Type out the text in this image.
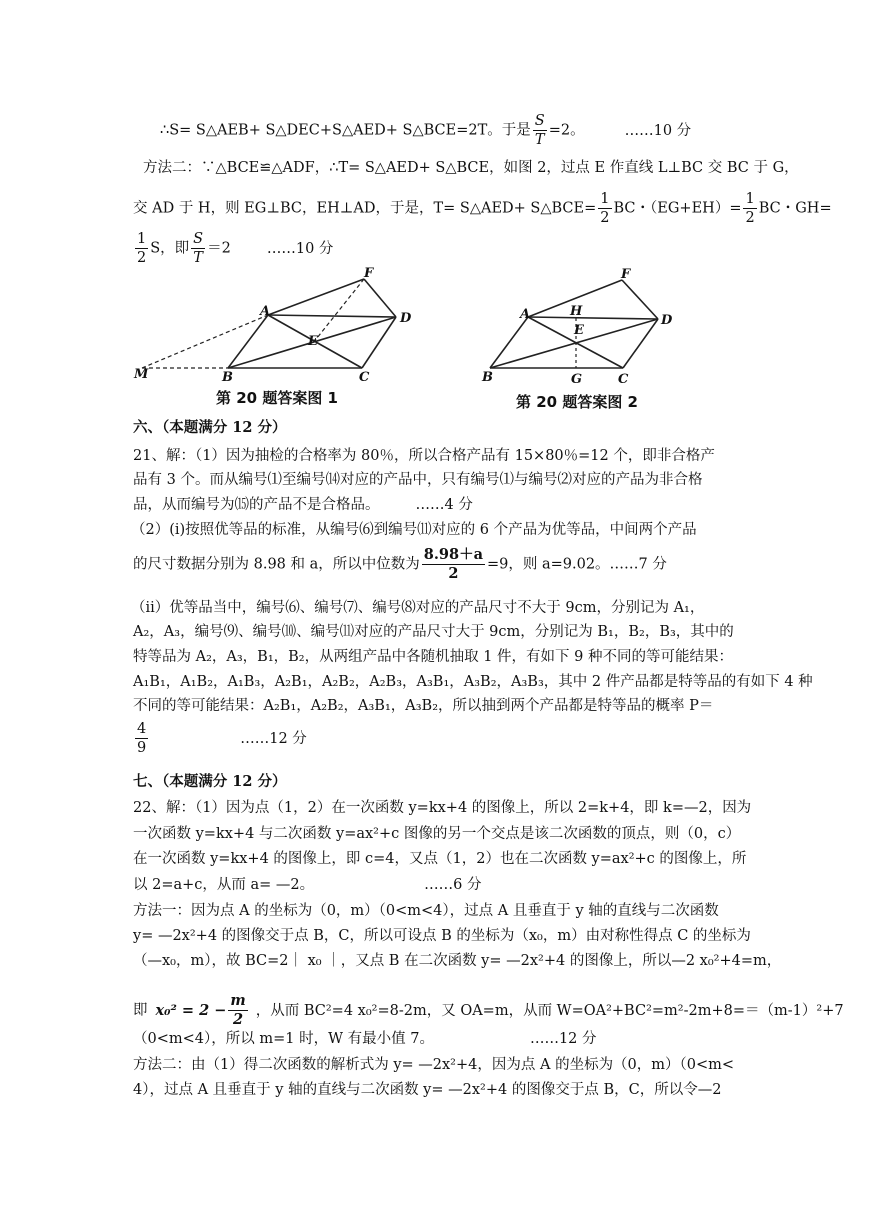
∴S= S△AEB+ S△DEC+S△AED+ S△BCE=2T。于是 $\frac{S}{T} =2$。	……10 分
方法二：∵△BCE≌△ADF，∴T= S△AED+ S△BCE，如图 2，过点 E 作直线 L⊥BC 交 BC 于 G，
交 AD 于 H，则 EG⊥BC，EH⊥AD，于是，T= S△AED+ S△BCE= $\frac{1}{2}$ BC・$(EG+EH)= \frac{1}{2}$ BC・GH=
$\frac{1}{2}$ S，即 $\frac{S}{T} =2$ ……10 分
F
A	D
E
M	B	C
第 20 题答案图 1
F
A	H
E
D
B	G	C
第 20 题答案图 2
六、（本题满分 12 分）
21、解：（1）因为抽检的合格率为 80％，所以合格产品有 15×80％=12 个，即非合格产
品有 3 个。而从编号⑴至编号⒁对应的产品中，只有编号⑴与编号⑵对应的产品为非合格
品，从而编号为⒂的产品不是合格品。 ……4 分
（2）(ⅰ)按照优等品的标准，从编号⑹到编号⑾对应的 6 个产品为优等品，中间两个产品
的尺寸数据分别为 8.98 和 a，所以中位数为 $\frac{8.98+a}{2} =9$，则 a=9.02。……7 分
（ⅱ）优等品当中，编号⑹、编号⑺、编号⑻对应的产品尺寸不大于 9cm，分别记为 A₁，
A₂，A₃，编号⑼、编号⑽、编号⑾对应的产品尺寸大于 9cm，分别记为 B₁，B₂，B₃，其中的
特等品为 A₂，A₃，B₁，B₂，从两组产品中各随机抽取 1 件，有如下 9 种不同的等可能结果：
A₁B₁，A₁B₂，A₁B₃，A₂B₁，A₂B₂，A₂B₃，A₃B₁，A₃B₂，A₃B₃，其中 2 件产品都是特等品的有如下 4 种
不同的等可能结果：A₂B₁，A₂B₂，A₃B₁，A₃B₂，所以抽到两个产品都是特等品的概率 P＝
$\frac{4}{9}$	……12 分
七、（本题满分 12 分）
22、解：（1）因为点（1，2）在一次函数 y=kx+4 的图像上，所以 2=k+4，即 k=—2，因为
一次函数 y=kx+4 与二次函数 y=ax²+c 图像的另一个交点是该二次函数的顶点，则（0，c）
在一次函数 y=kx+4 的图像上，即 c=4，又点（1，2）也在二次函数 y=ax²+c 的图像上，所
以 2=a+c，从而 a= —2。	……6 分
方法一：因为点 A 的坐标为（0，m）（0<m<4），过点 A 且垂直于 y 轴的直线与二次函数
y= —2x²+4 的图像交于点 B，C，所以可设点 B 的坐标为（x₀，m）由对称性得点 C 的坐标为
（—x₀，m），故 BC=2｜ x₀ ｜，又点 B 在二次函数 y= —2x²+4 的图像上，所以—2 x₀²+4=m，
即 $x_0^2 = 2 - \frac{m}{2}$ ，从而 BC²=4 x₀²=8-2m，又 OA=m，从而 W=OA²+BC²=m²-2m+8=＝（m-1）²+7
（0<m<4），所以 m=1 时，W 有最小值 7。	……12 分
方法二：由（1）得二次函数的解析式为 y= —2x²+4，因为点 A 的坐标为（0，m）（0<m<
4），过点 A 且垂直于 y 轴的直线与二次函数 y= —2x²+4 的图像交于点 B，C，所以令—2
